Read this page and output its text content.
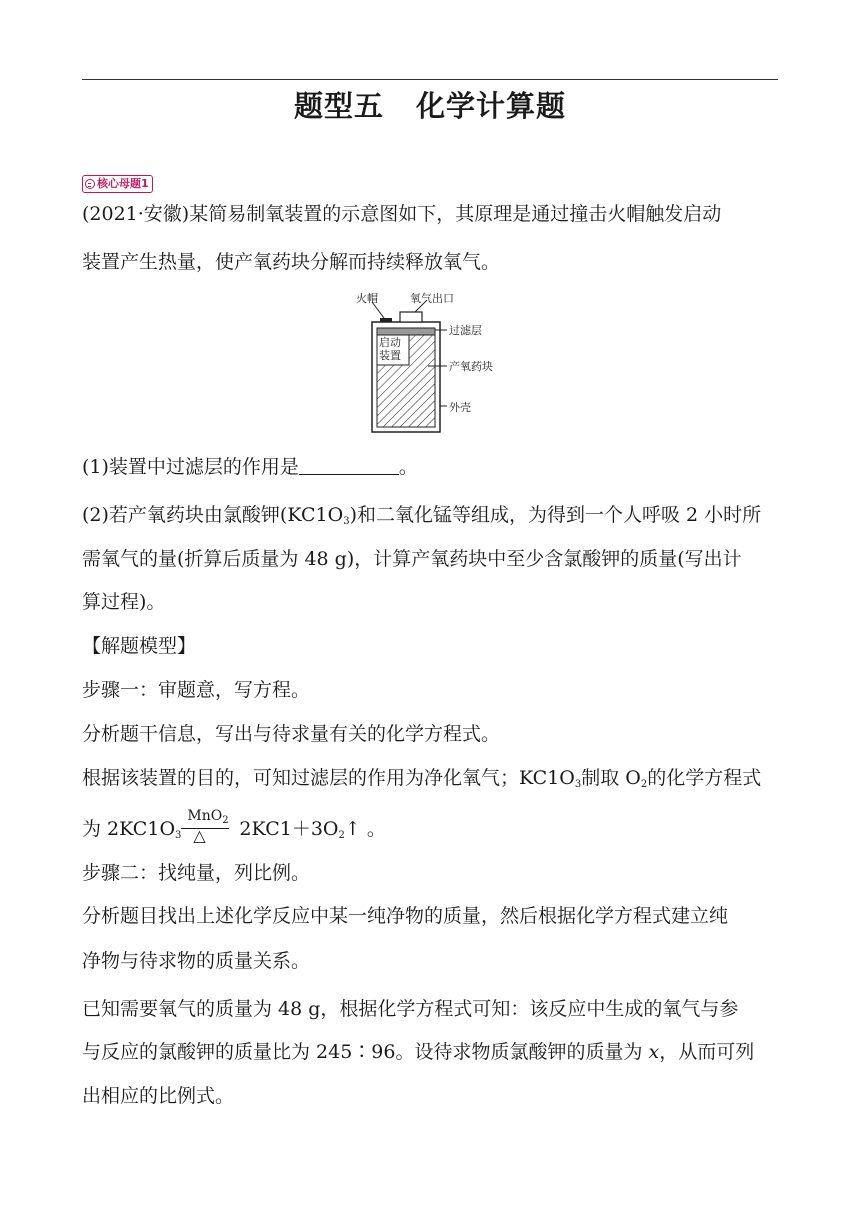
题型五 化学计算题
核心母题1
(2021·安徽)某简易制氧装置的示意图如下，其原理是通过撞击火帽触发启动
装置产生热量，使产氧药块分解而持续释放氧气。
火帽	氧气出口
过滤层
启动
装置
产氧药块
外壳
(1)装置中过滤层的作用是	。
(2)若产氧药块由氯酸钾$(KC1O_3)$和二氧化锰等组成，为得到一个人呼吸 2 小时所
需氧气的量(折算后质量为 48 g)，计算产氧药块中至少含氯酸钾的质量(写出计
算过程)。
【解题模型】
步骤一：审题意，写方程。
分析题干信息，写出与待求量有关的化学方程式。
根据该装置的目的，可知过滤层的作用为净化氧气；$KC1O_3$制取 $O_2$的化学方程式
为 $2KC1O_3 \frac{MnO_2}{\triangle}$ $2KC1+3O_2↑$ 。
步骤二：找纯量，列比例。
分析题目找出上述化学反应中某一纯净物的质量，然后根据化学方程式建立纯
净物与待求物的质量关系。
已知需要氧气的质量为 48 g，根据化学方程式可知：该反应中生成的氧气与参
与反应的氯酸钾的质量比为 245∶96。设待求物质氯酸钾的质量为 x，从而可列
出相应的比例式。
